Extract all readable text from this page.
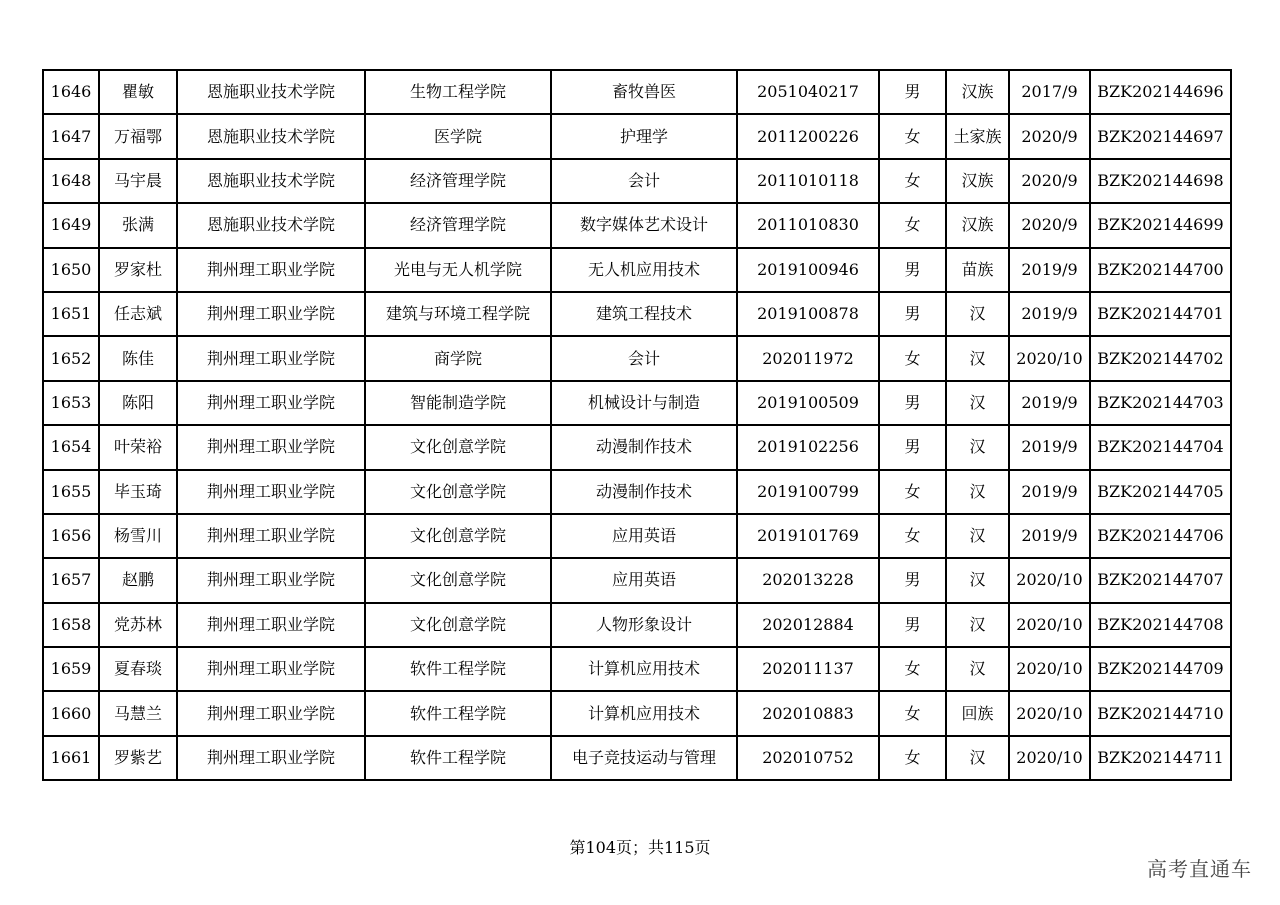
1646	瞿敏	恩施职业技术学院	生物工程学院	畜牧兽医	2051040217	男	汉族	2017/9	BZK202144696
1647	万福鄂	恩施职业技术学院	医学院	护理学	2011200226	女	土家族	2020/9	BZK202144697
1648	马宇晨	恩施职业技术学院	经济管理学院	会计	2011010118	女	汉族	2020/9	BZK202144698
1649	张满	恩施职业技术学院	经济管理学院	数字媒体艺术设计	2011010830	女	汉族	2020/9	BZK202144699
1650	罗家杜	荆州理工职业学院	光电与无人机学院	无人机应用技术	2019100946	男	苗族	2019/9	BZK202144700
1651	任志斌	荆州理工职业学院	建筑与环境工程学院	建筑工程技术	2019100878	男	汉	2019/9	BZK202144701
1652	陈佳	荆州理工职业学院	商学院	会计	202011972	女	汉	2020/10	BZK202144702
1653	陈阳	荆州理工职业学院	智能制造学院	机械设计与制造	2019100509	男	汉	2019/9	BZK202144703
1654	叶荣裕	荆州理工职业学院	文化创意学院	动漫制作技术	2019102256	男	汉	2019/9	BZK202144704
1655	毕玉琦	荆州理工职业学院	文化创意学院	动漫制作技术	2019100799	女	汉	2019/9	BZK202144705
1656	杨雪川	荆州理工职业学院	文化创意学院	应用英语	2019101769	女	汉	2019/9	BZK202144706
1657	赵鹏	荆州理工职业学院	文化创意学院	应用英语	202013228	男	汉	2020/10	BZK202144707
1658	党苏林	荆州理工职业学院	文化创意学院	人物形象设计	202012884	男	汉	2020/10	BZK202144708
1659	夏春琰	荆州理工职业学院	软件工程学院	计算机应用技术	202011137	女	汉	2020/10	BZK202144709
1660	马慧兰	荆州理工职业学院	软件工程学院	计算机应用技术	202010883	女	回族	2020/10	BZK202144710
1661	罗紫艺	荆州理工职业学院	软件工程学院	电子竞技运动与管理	202010752	女	汉	2020/10	BZK202144711
第104页；共115页
高考直通车
